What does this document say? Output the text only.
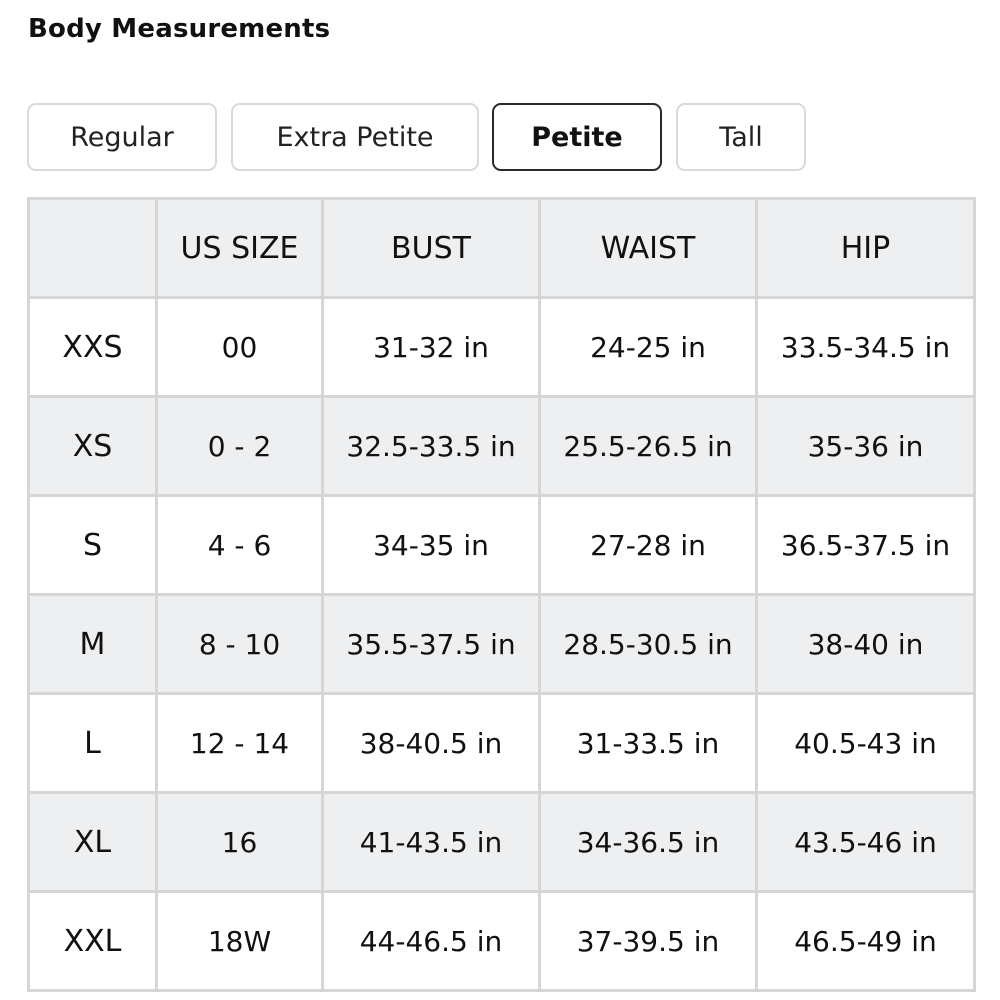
Body Measurements
Regular	Extra Petite	Petite	Tall
	US SIZE	BUST	WAIST	HIP
XXS	00	31-32 in	24-25 in	33.5-34.5 in
XS	0 - 2	32.5-33.5 in	25.5-26.5 in	35-36 in
S	4 - 6	34-35 in	27-28 in	36.5-37.5 in
M	8 - 10	35.5-37.5 in	28.5-30.5 in	38-40 in
L	12 - 14	38-40.5 in	31-33.5 in	40.5-43 in
XL	16	41-43.5 in	34-36.5 in	43.5-46 in
XXL	18W	44-46.5 in	37-39.5 in	46.5-49 in
